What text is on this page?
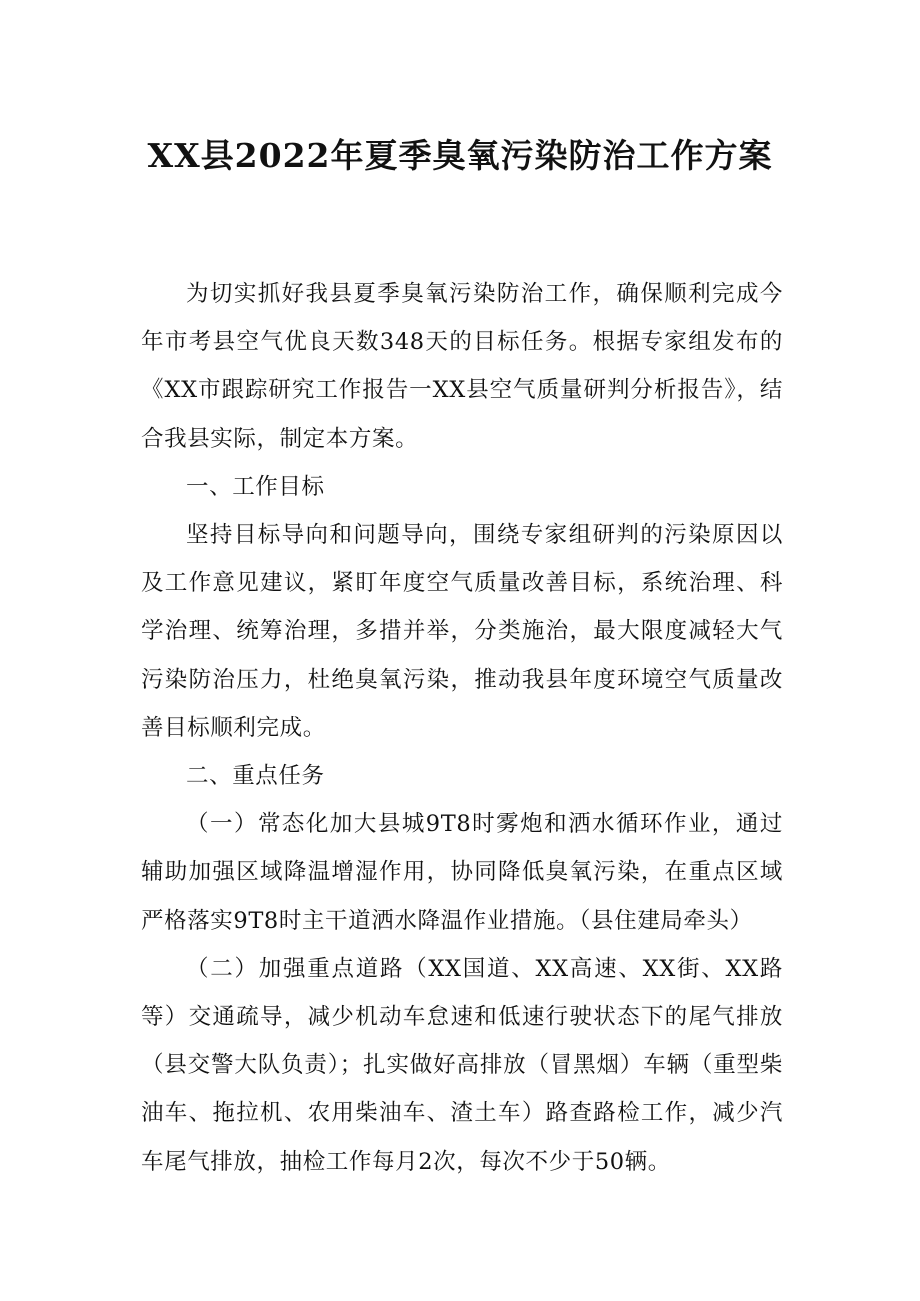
XX县2022年夏季臭氧污染防治工作方案

为切实抓好我县夏季臭氧污染防治工作，确保顺利完成今年市考县空气优良天数348天的目标任务。根据专家组发布的《XX市跟踪研究工作报告一XX县空气质量研判分析报告》，结合我县实际，制定本方案。

一、工作目标

坚持目标导向和问题导向，围绕专家组研判的污染原因以及工作意见建议，紧盯年度空气质量改善目标，系统治理、科学治理、统筹治理，多措并举，分类施治，最大限度减轻大气污染防治压力，杜绝臭氧污染，推动我县年度环境空气质量改善目标顺利完成。

二、重点任务

（一）常态化加大县城9T8时雾炮和洒水循环作业，通过辅助加强区域降温增湿作用，协同降低臭氧污染，在重点区域严格落实9T8时主干道洒水降温作业措施。（县住建局牵头）

（二）加强重点道路（XX国道、XX高速、XX街、XX路等）交通疏导，减少机动车怠速和低速行驶状态下的尾气排放（县交警大队负责）；扎实做好高排放（冒黑烟）车辆（重型柴油车、拖拉机、农用柴油车、渣土车）路查路检工作，减少汽车尾气排放，抽检工作每月2次，每次不少于50辆。
